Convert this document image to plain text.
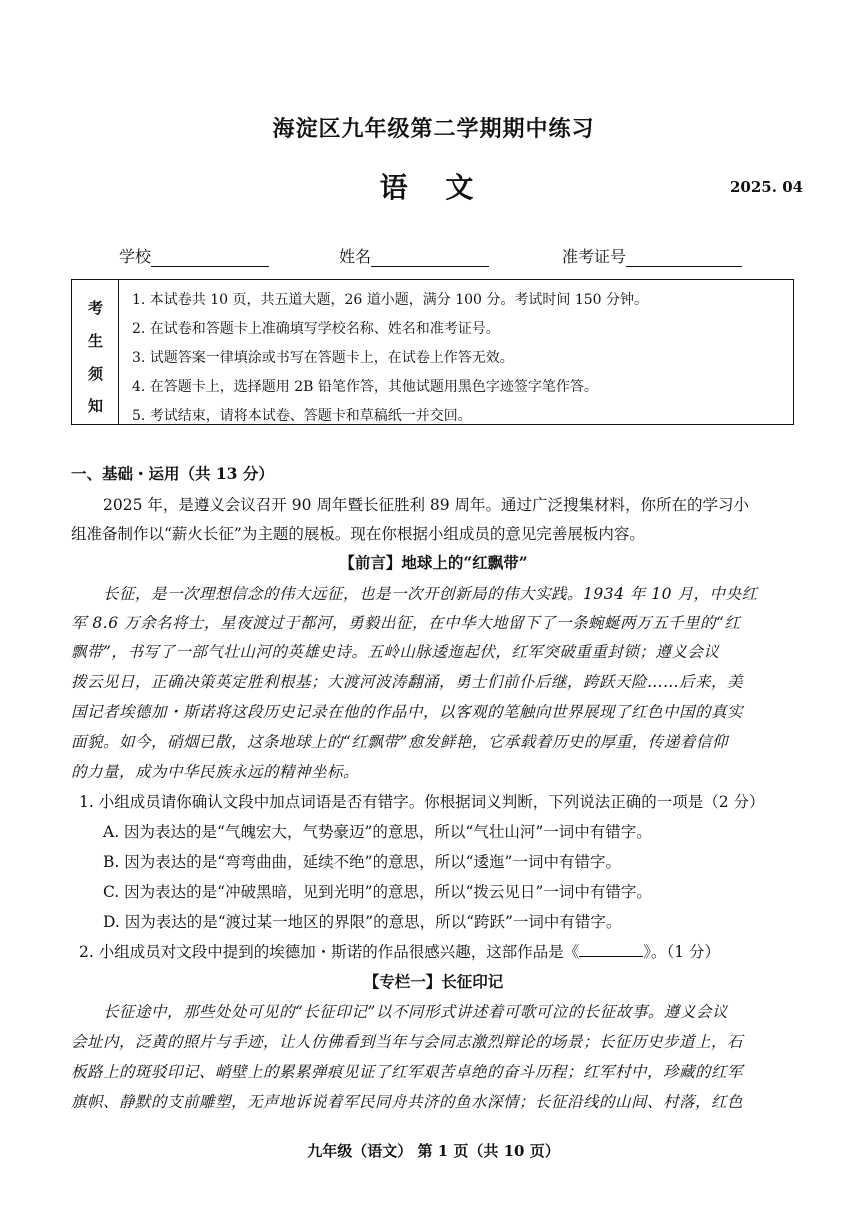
海淀区九年级第二学期期中练习
语 文	2025. 04
学校	姓名	准考证号
考
生
须
知
1. 本试卷共 10 页，共五道大题，26 道小题，满分 100 分。考试时间 150 分钟。
2. 在试卷和答题卡上准确填写学校名称、姓名和准考证号。
3. 试题答案一律填涂或书写在答题卡上，在试卷上作答无效。
4. 在答题卡上，选择题用 2B 铅笔作答，其他试题用黑色字迹签字笔作答。
5. 考试结束，请将本试卷、答题卡和草稿纸一并交回。
一、基础・运用（共 13 分）
2025 年，是遵义会议召开 90 周年暨长征胜利 89 周年。通过广泛搜集材料，你所在的学习小
组准备制作以“薪火长征”为主题的展板。现在你根据小组成员的意见完善展板内容。
【前言】地球上的“红飘带”
长征，是一次理想信念的伟大远征，也是一次开创新局的伟大实践。1934 年 10 月，中央红
军 8.6 万余名将士，星夜渡过于都河，勇毅出征，在中华大地留下了一条蜿蜒两万五千里的“红
飘带”，书写了一部气壮山河的英雄史诗。五岭山脉逶迤起伏，红军突破重重封锁；遵义会议
拨云见日，正确决策英定胜利根基；大渡河波涛翻涌，勇士们前仆后继，跨跃天险……后来，美
国记者埃德加・斯诺将这段历史记录在他的作品中，以客观的笔触向世界展现了红色中国的真实
面貌。如今，硝烟已散，这条地球上的“红飘带”愈发鲜艳，它承载着历史的厚重，传递着信仰
的力量，成为中华民族永远的精神坐标。
1. 小组成员请你确认文段中加点词语是否有错字。你根据词义判断，下列说法正确的一项是（2 分）
A. 因为表达的是“气魄宏大，气势豪迈”的意思，所以“气壮山河”一词中有错字。
B. 因为表达的是“弯弯曲曲，延续不绝”的意思，所以“逶迤”一词中有错字。
C. 因为表达的是“冲破黑暗，见到光明”的意思，所以“拨云见日”一词中有错字。
D. 因为表达的是“渡过某一地区的界限”的意思，所以“跨跃”一词中有错字。
2. 小组成员对文段中提到的埃德加・斯诺的作品很感兴趣，这部作品是《	》。（1 分）
【专栏一】长征印记
长征途中，那些处处可见的“长征印记”以不同形式讲述着可歌可泣的长征故事。遵义会议
会址内，泛黄的照片与手迹，让人仿佛看到当年与会同志激烈辩论的场景；长征历史步道上，石
板路上的斑驳印记、峭壁上的累累弹痕见证了红军艰苦卓绝的奋斗历程；红军村中，珍藏的红军
旗帜、静默的支前雕塑，无声地诉说着军民同舟共济的鱼水深情；长征沿线的山间、村落，红色
九年级（语文） 第 1 页（共 10 页）
